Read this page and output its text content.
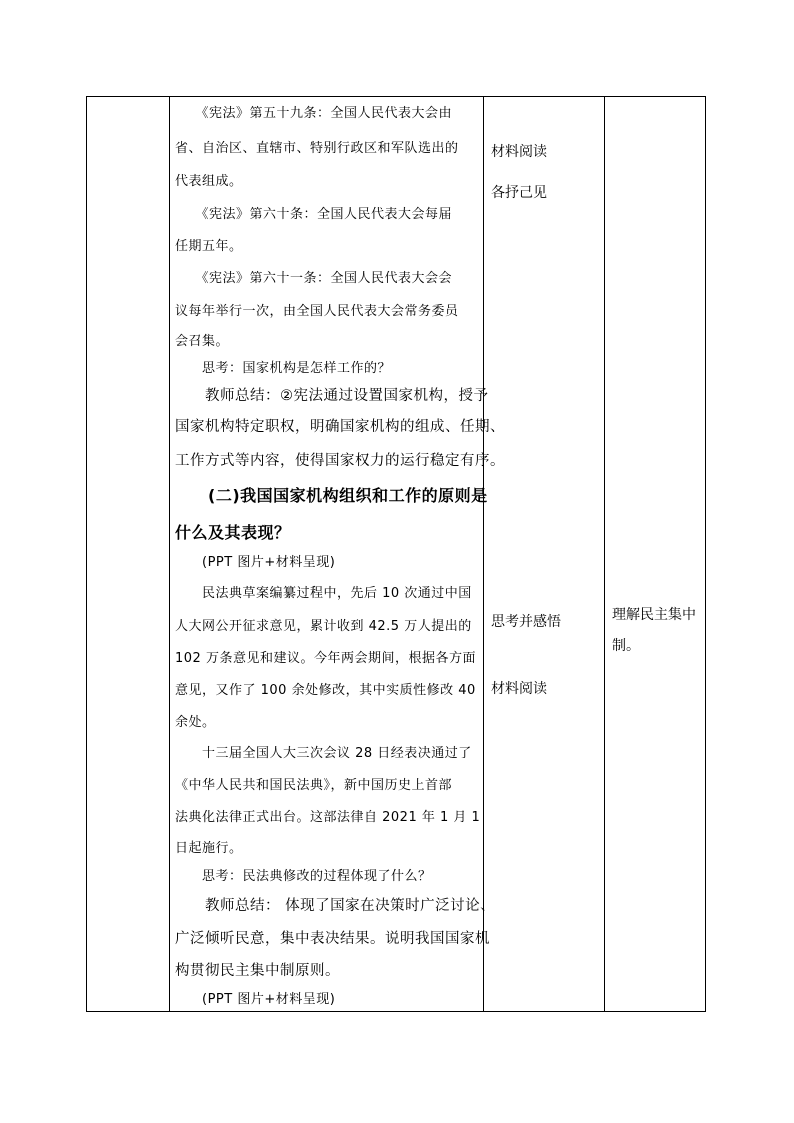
　　《宪法》第五十九条：全国人民代表大会由

省、自治区、直辖市、特别行政区和军队选出的

代表组成。

　　《宪法》第六十条：全国人民代表大会每届

任期五年。

　　《宪法》第六十一条：全国人民代表大会会

议每年举行一次，由全国人民代表大会常务委员

会召集。

　　思考：国家机构是怎样工作的？

　　教师总结：②宪法通过设置国家机构，授予

国家机构特定职权，明确国家机构的组成、任期、

工作方式等内容，使得国家权力的运行稳定有序。

　　(二)我国国家机构组织和工作的原则是

什么及其表现？

　　(PPT 图片+材料呈现)

　　民法典草案编纂过程中，先后 10 次通过中国

人大网公开征求意见，累计收到 42.5 万人提出的

102 万条意见和建议。今年两会期间，根据各方面

意见，又作了 100 余处修改，其中实质性修改 40

余处。

　　十三届全国人大三次会议 28 日经表决通过了

《中华人民共和国民法典》，新中国历史上首部

法典化法律正式出台。这部法律自 2021 年 1 月 1

日起施行。

　　思考：民法典修改的过程体现了什么？

　　教师总结： 体现了国家在决策时广泛讨论、

广泛倾听民意，集中表决结果。说明我国国家机

构贯彻民主集中制原则。

　　(PPT 图片+材料呈现)

材料阅读
各抒己见
思考并感悟
材料阅读
理解民主集中
制。
